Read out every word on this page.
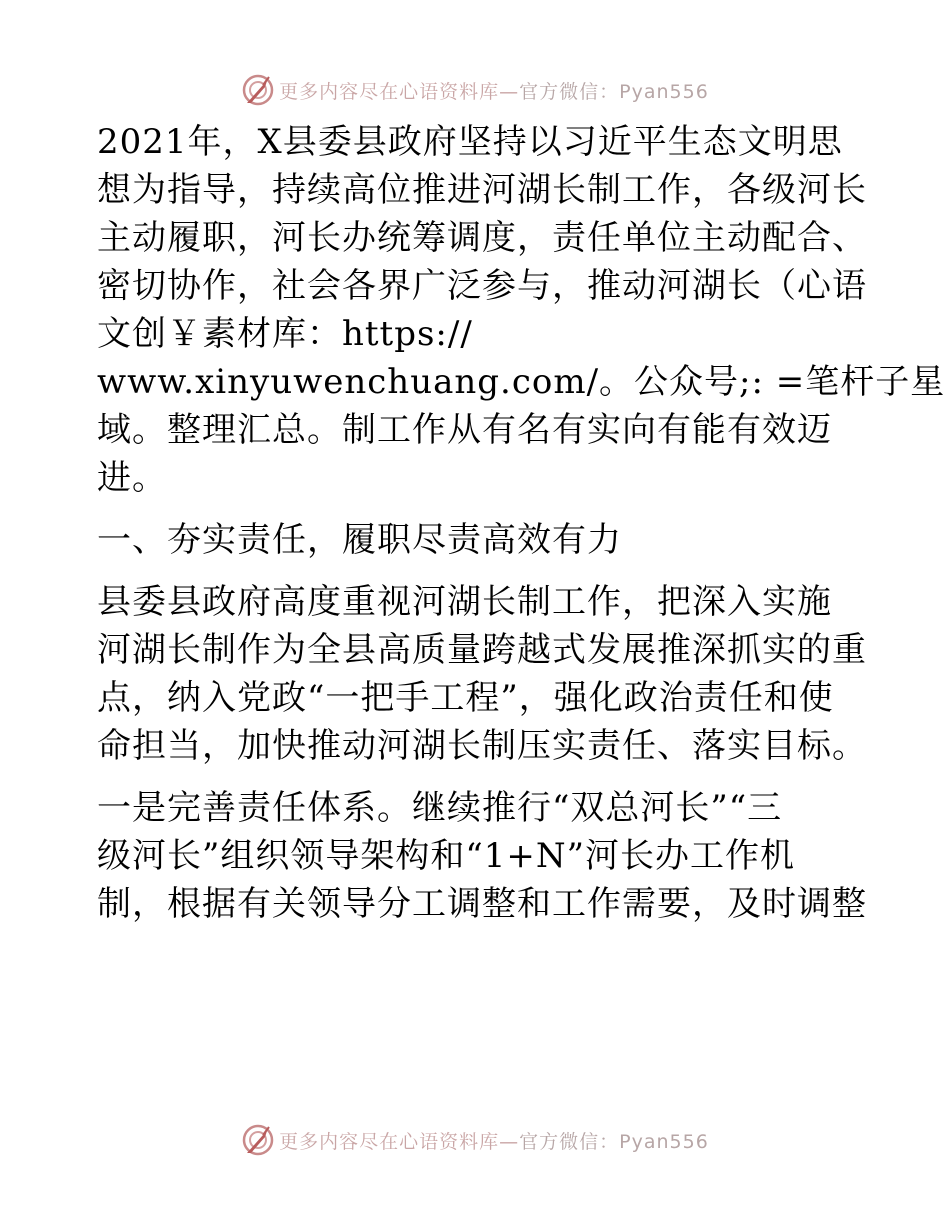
更多内容尽在心语资料库—官方微信：Pyan556
2021年，X县委县政府坚持以习近平生态文明思
想为指导，持续高位推进河湖长制工作，各级河长
主动履职，河长办统筹调度，责任单位主动配合、
密切协作，社会各界广泛参与，推动河湖长（心语
文创￥素材库：https://
www.xinyuwenchuang.com/。公众号;: =笔杆子星
域。整理汇总。制工作从有名有实向有能有效迈
进。
一、夯实责任，履职尽责高效有力
县委县政府高度重视河湖长制工作，把深入实施
河湖长制作为全县高质量跨越式发展推深抓实的重
点，纳入党政“一把手工程”，强化政治责任和使
命担当，加快推动河湖长制压实责任、落实目标。
一是完善责任体系。继续推行“双总河长”“三
级河长”组织领导架构和“1+N”河长办工作机
制，根据有关领导分工调整和工作需要，及时调整
更多内容尽在心语资料库—官方微信：Pyan556
